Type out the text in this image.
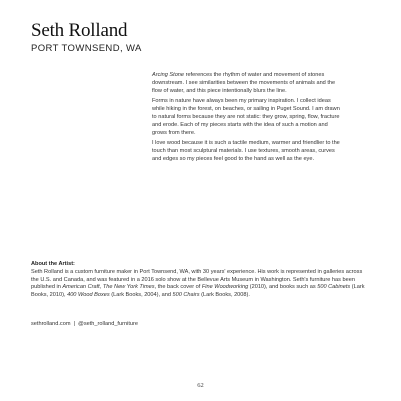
Seth Rolland

PORT TOWNSEND, WA

Arcing Stone references the rhythm of water and movement of stones downstream. I see similarities between the movements of animals and the flow of water, and this piece intentionally blurs the line.

Forms in nature have always been my primary inspiration. I collect ideas while hiking in the forest, on beaches, or sailing in Puget Sound. I am drawn to natural forms because they are not static: they grow, spring, flow, fracture and erode. Each of my pieces starts with the idea of such a motion and grows from there.

I love wood because it is such a tactile medium, warmer and friendlier to the touch than most sculptural materials. I use textures, smooth areas, curves and edges so my pieces feel good to the hand as well as the eye.

About the Artist:

Seth Rolland is a custom furniture maker in Port Townsend, WA, with 30 years' experience. His work is represented in galleries across the U.S. and Canada, and was featured in a 2016 solo show at the Bellevue Arts Museum in Washington. Seth's furniture has been published in American Craft, The New York Times, the back cover of Fine Woodworking (2010), and books such as 500 Cabinets (Lark Books, 2010), 400 Wood Boxes (Lark Books, 2004), and 500 Chairs (Lark Books, 2008).

sethrolland.com | @seth_rolland_furniture

62
